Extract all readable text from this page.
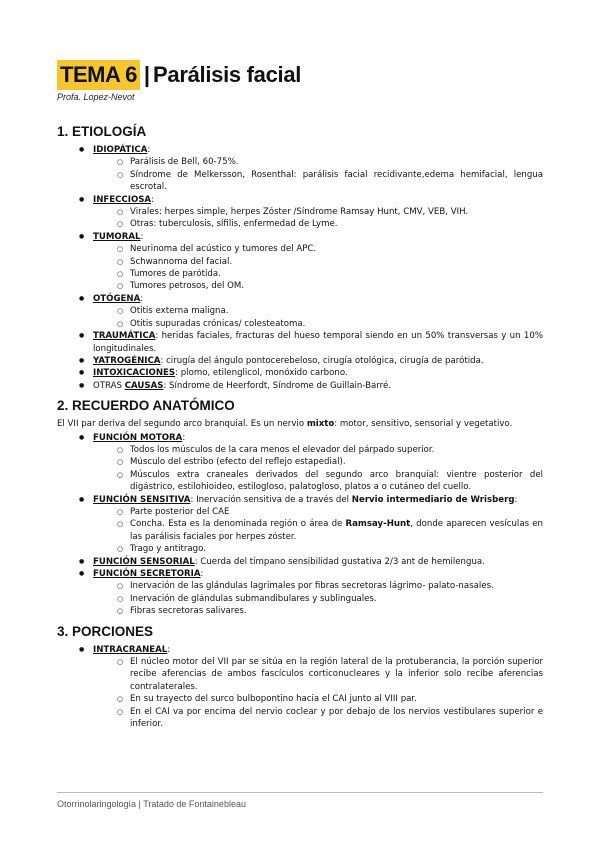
TEMA 6 | Parálisis facial
Profa. Lopez-Nevot
1. ETIOLOGÍA
● IDIOPÁTICA:
○ Parálisis de Bell, 60-75%.
○ Síndrome de Melkersson, Rosenthal: parálisis facial recidivante,edema hemifacial, lengua escrotal.
● INFECCIOSA:
○ Virales: herpes simple, herpes Zóster /Síndrome Ramsay Hunt, CMV, VEB, VIH.
○ Otras: tuberculosis, sífilis, enfermedad de Lyme.
● TUMORAL:
○ Neurinoma del acústico y tumores del APC.
○ Schwannoma del facial.
○ Tumores de parótida.
○ Tumores petrosos, del OM.
● OTÓGENA:
○ Otitis externa maligna.
○ Otitis supuradas crónicas/ colesteatoma.
● TRAUMÁTICA: heridas faciales, fracturas del hueso temporal siendo en un 50% transversas y un 10% longitudinales.
● YATROGÉNICA: cirugía del ángulo pontocerebeloso, cirugía otológica, cirugía de parótida.
● INTOXICACIONES: plomo, etilenglicol, monóxido carbono.
● OTRAS CAUSAS: Síndrome de Heerfordt, Síndrome de Guillain-Barré.
2. RECUERDO ANATÓMICO
El VII par deriva del segundo arco branquial. Es un nervio mixto: motor, sensitivo, sensorial y vegetativo.
● FUNCIÓN MOTORA:
○ Todos los músculos de la cara menos el elevador del párpado superior.
○ Músculo del estribo (efecto del reflejo estapedial).
○ Músculos extra craneales derivados del segundo arco branquial: vientre posterior del digástrico, estilohioideo, estilogloso, palatogloso, platos a o cutáneo del cuello.
● FUNCIÓN SENSITIVA: Inervación sensitiva de a través del Nervio intermediario de Wrisberg:
○ Parte posterior del CAE
○ Concha. Esta es la denominada región o área de Ramsay-Hunt, donde aparecen vesículas en las parálisis faciales por herpes zóster.
○ Trago y antitrago.
● FUNCIÓN SENSORIAL: Cuerda del tímpano sensibilidad gustativa 2/3 ant de hemilengua.
● FUNCIÓN SECRETORIA:
○ Inervación de las glándulas lagrimales por fibras secretoras lágrimo- palato-nasales.
○ Inervación de glándulas submandibulares y sublinguales.
○ Fibras secretoras salivares.
3. PORCIONES
● INTRACRANEAL:
○ El núcleo motor del VII par se sitúa en la región lateral de la protuberancia, la porción superior recibe aferencias de ambos fascículos corticonucleares y la inferior solo recibe aferencias contralaterales.
○ En su trayecto del surco bulbopontino hacia el CAI junto al VIII par.
○ En el CAI va por encima del nervio coclear y por debajo de los nervios vestibulares superior e inferior.
Otorrinolaringología | Tratado de Fontainebleau
